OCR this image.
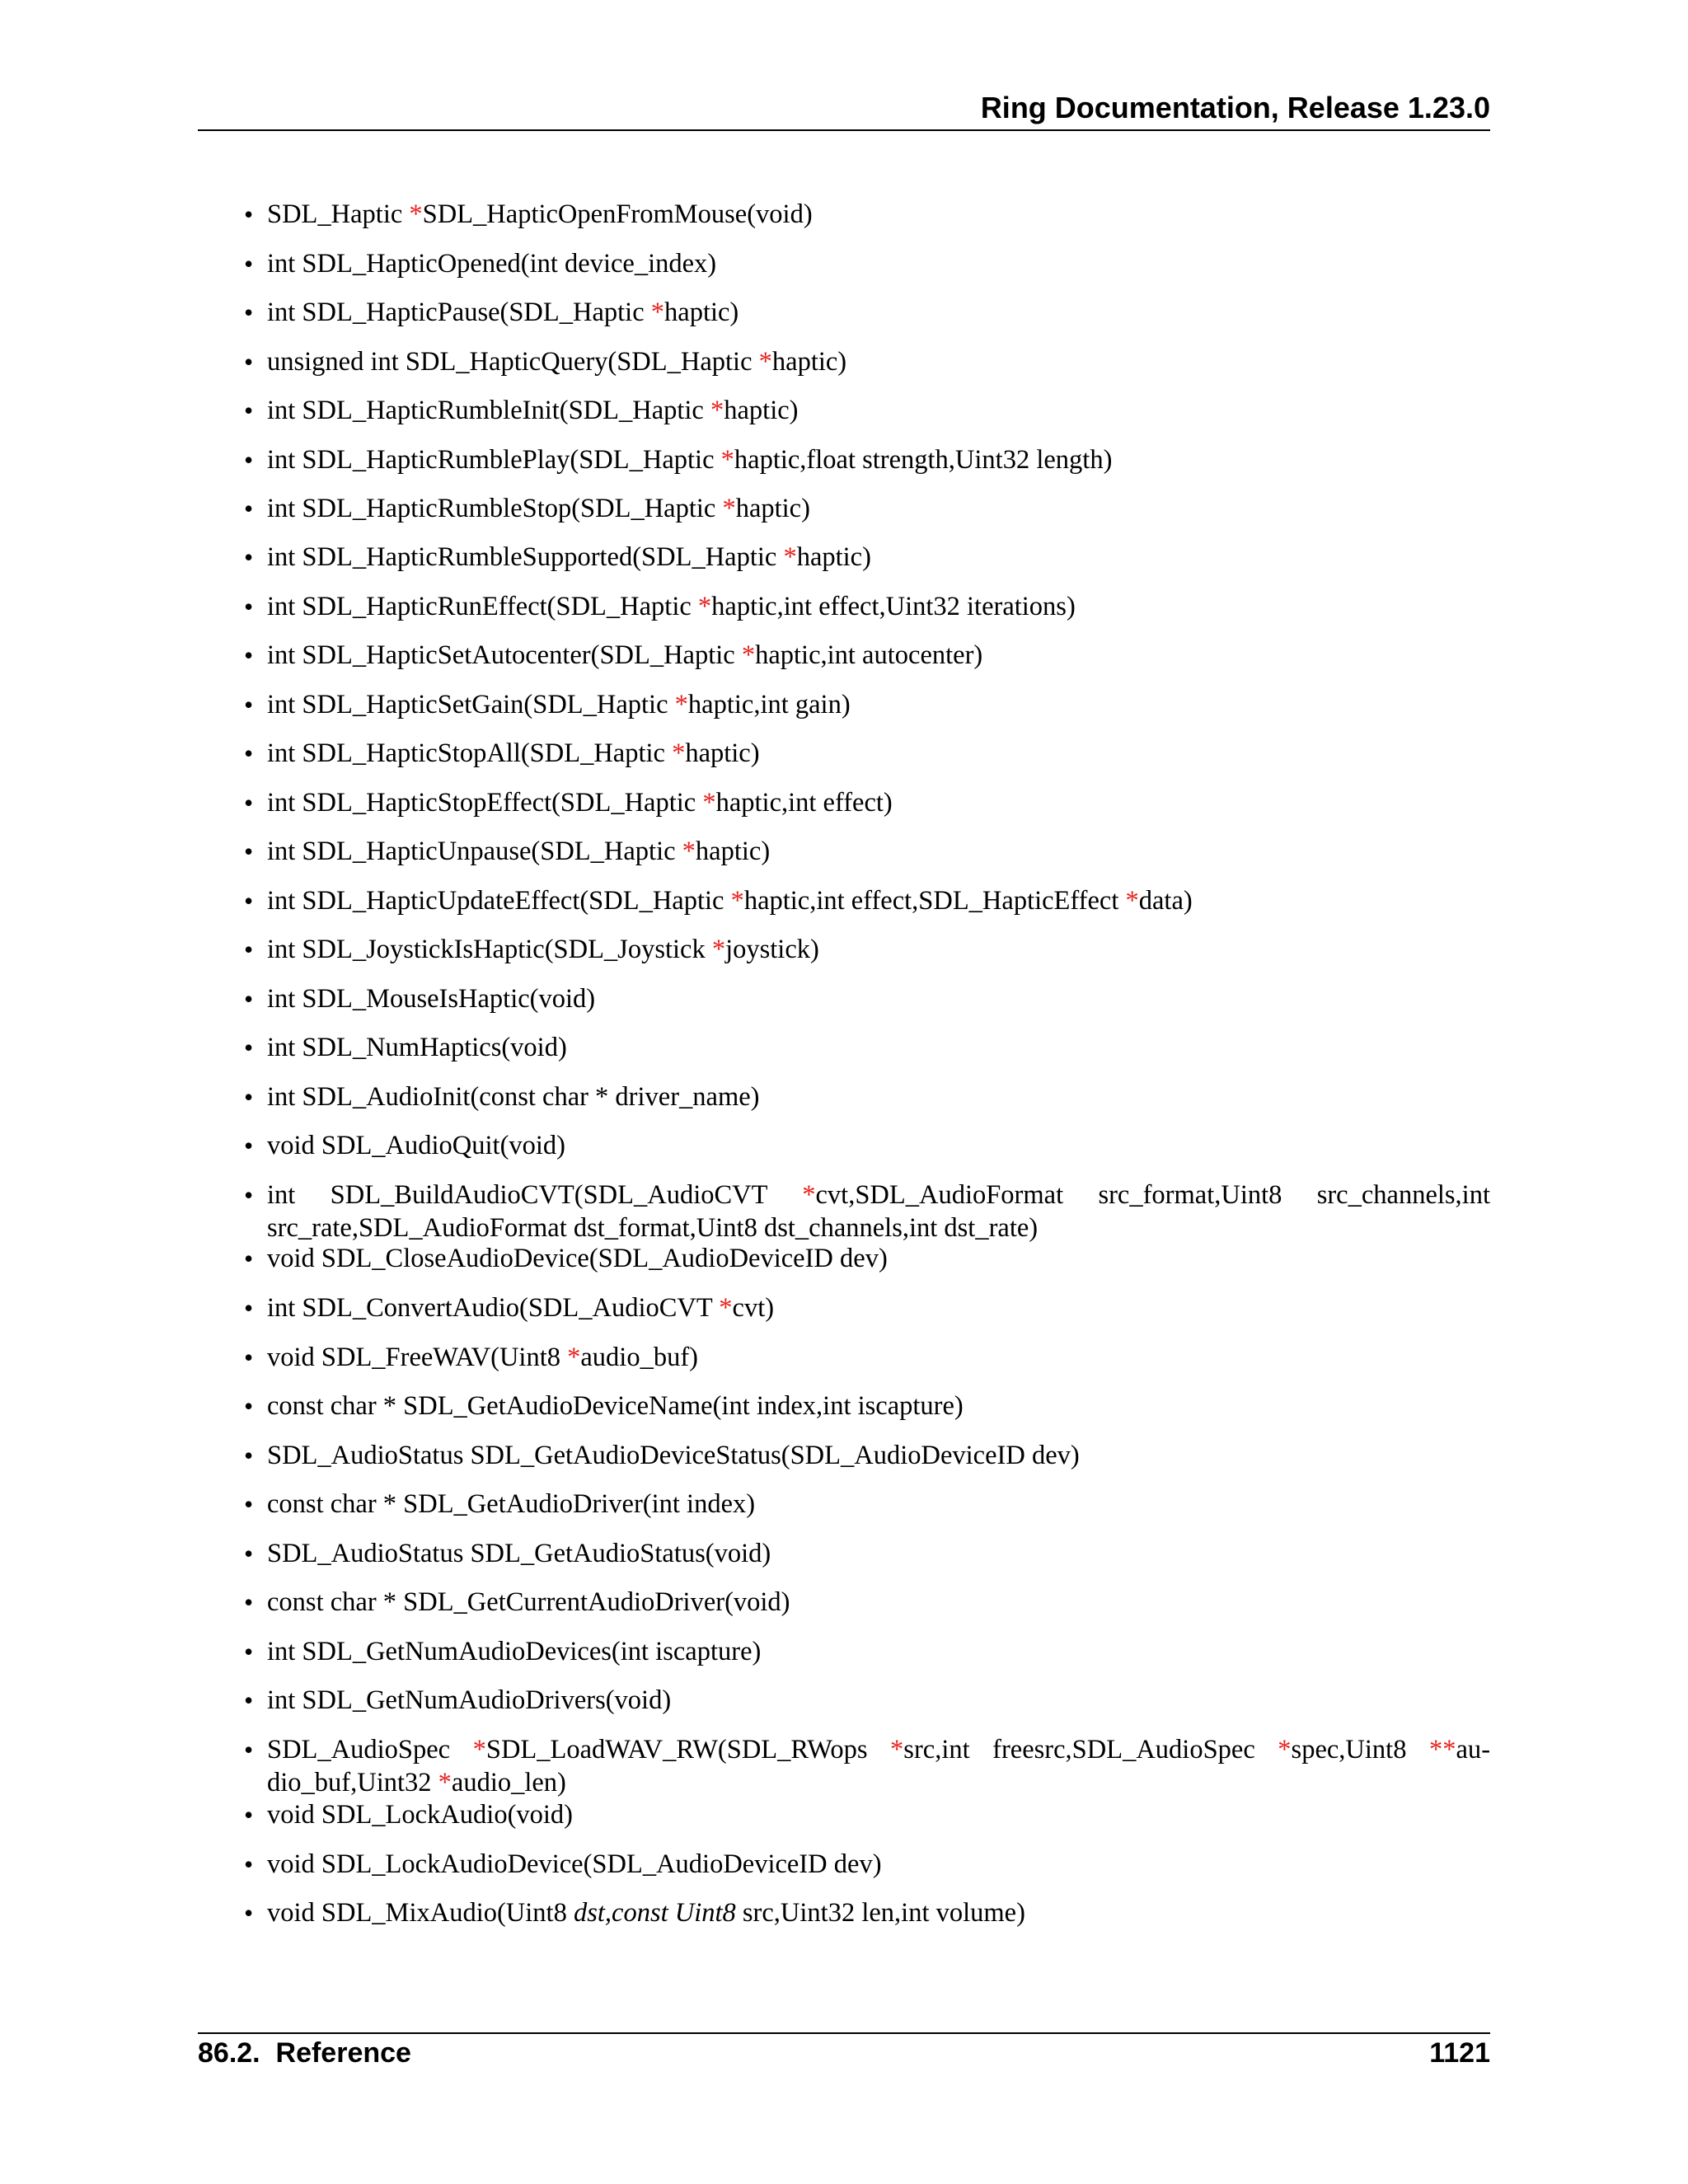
Ring Documentation, Release 1.23.0
• SDL_Haptic *SDL_HapticOpenFromMouse(void)
• int SDL_HapticOpened(int device_index)
• int SDL_HapticPause(SDL_Haptic *haptic)
• unsigned int SDL_HapticQuery(SDL_Haptic *haptic)
• int SDL_HapticRumbleInit(SDL_Haptic *haptic)
• int SDL_HapticRumblePlay(SDL_Haptic *haptic,float strength,Uint32 length)
• int SDL_HapticRumbleStop(SDL_Haptic *haptic)
• int SDL_HapticRumbleSupported(SDL_Haptic *haptic)
• int SDL_HapticRunEffect(SDL_Haptic *haptic,int effect,Uint32 iterations)
• int SDL_HapticSetAutocenter(SDL_Haptic *haptic,int autocenter)
• int SDL_HapticSetGain(SDL_Haptic *haptic,int gain)
• int SDL_HapticStopAll(SDL_Haptic *haptic)
• int SDL_HapticStopEffect(SDL_Haptic *haptic,int effect)
• int SDL_HapticUnpause(SDL_Haptic *haptic)
• int SDL_HapticUpdateEffect(SDL_Haptic *haptic,int effect,SDL_HapticEffect *data)
• int SDL_JoystickIsHaptic(SDL_Joystick *joystick)
• int SDL_MouseIsHaptic(void)
• int SDL_NumHaptics(void)
• int SDL_AudioInit(const char * driver_name)
• void SDL_AudioQuit(void)
• int SDL_BuildAudioCVT(SDL_AudioCVT *cvt,SDL_AudioFormat src_format,Uint8 src_channels,int src_rate,SDL_AudioFormat dst_format,Uint8 dst_channels,int dst_rate)
• void SDL_CloseAudioDevice(SDL_AudioDeviceID dev)
• int SDL_ConvertAudio(SDL_AudioCVT *cvt)
• void SDL_FreeWAV(Uint8 *audio_buf)
• const char * SDL_GetAudioDeviceName(int index,int iscapture)
• SDL_AudioStatus SDL_GetAudioDeviceStatus(SDL_AudioDeviceID dev)
• const char * SDL_GetAudioDriver(int index)
• SDL_AudioStatus SDL_GetAudioStatus(void)
• const char * SDL_GetCurrentAudioDriver(void)
• int SDL_GetNumAudioDevices(int iscapture)
• int SDL_GetNumAudioDrivers(void)
• SDL_AudioSpec *SDL_LoadWAV_RW(SDL_RWops *src,int freesrc,SDL_AudioSpec *spec,Uint8 **audio_buf,Uint32 *audio_len)
• void SDL_LockAudio(void)
• void SDL_LockAudioDevice(SDL_AudioDeviceID dev)
• void SDL_MixAudio(Uint8 dst,const Uint8 src,Uint32 len,int volume)
86.2.  Reference	1121
